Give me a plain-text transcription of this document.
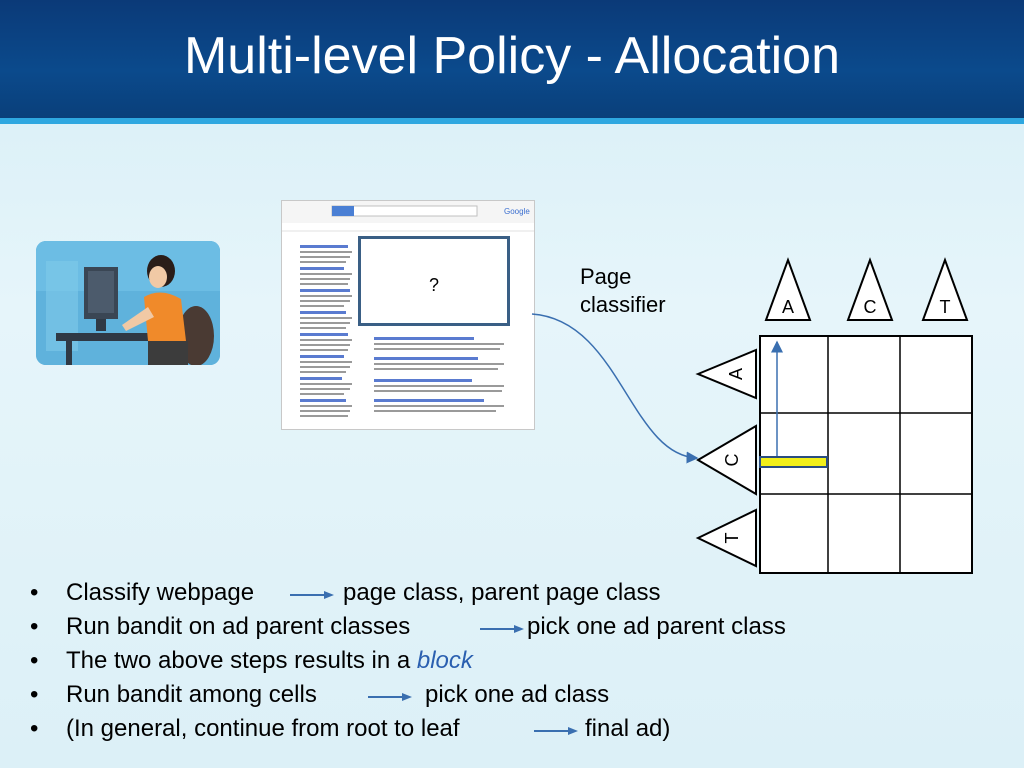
Multi-level Policy - Allocation
Google
?	Page
classifier	A	C	T
A
C
T
• Classify webpage	page class, parent page class
• Run bandit on ad parent classes	pick one ad parent class
• The two above steps results in a block
• Run bandit among cells	pick one ad class
• (In general, continue from root to leaf	final ad)
